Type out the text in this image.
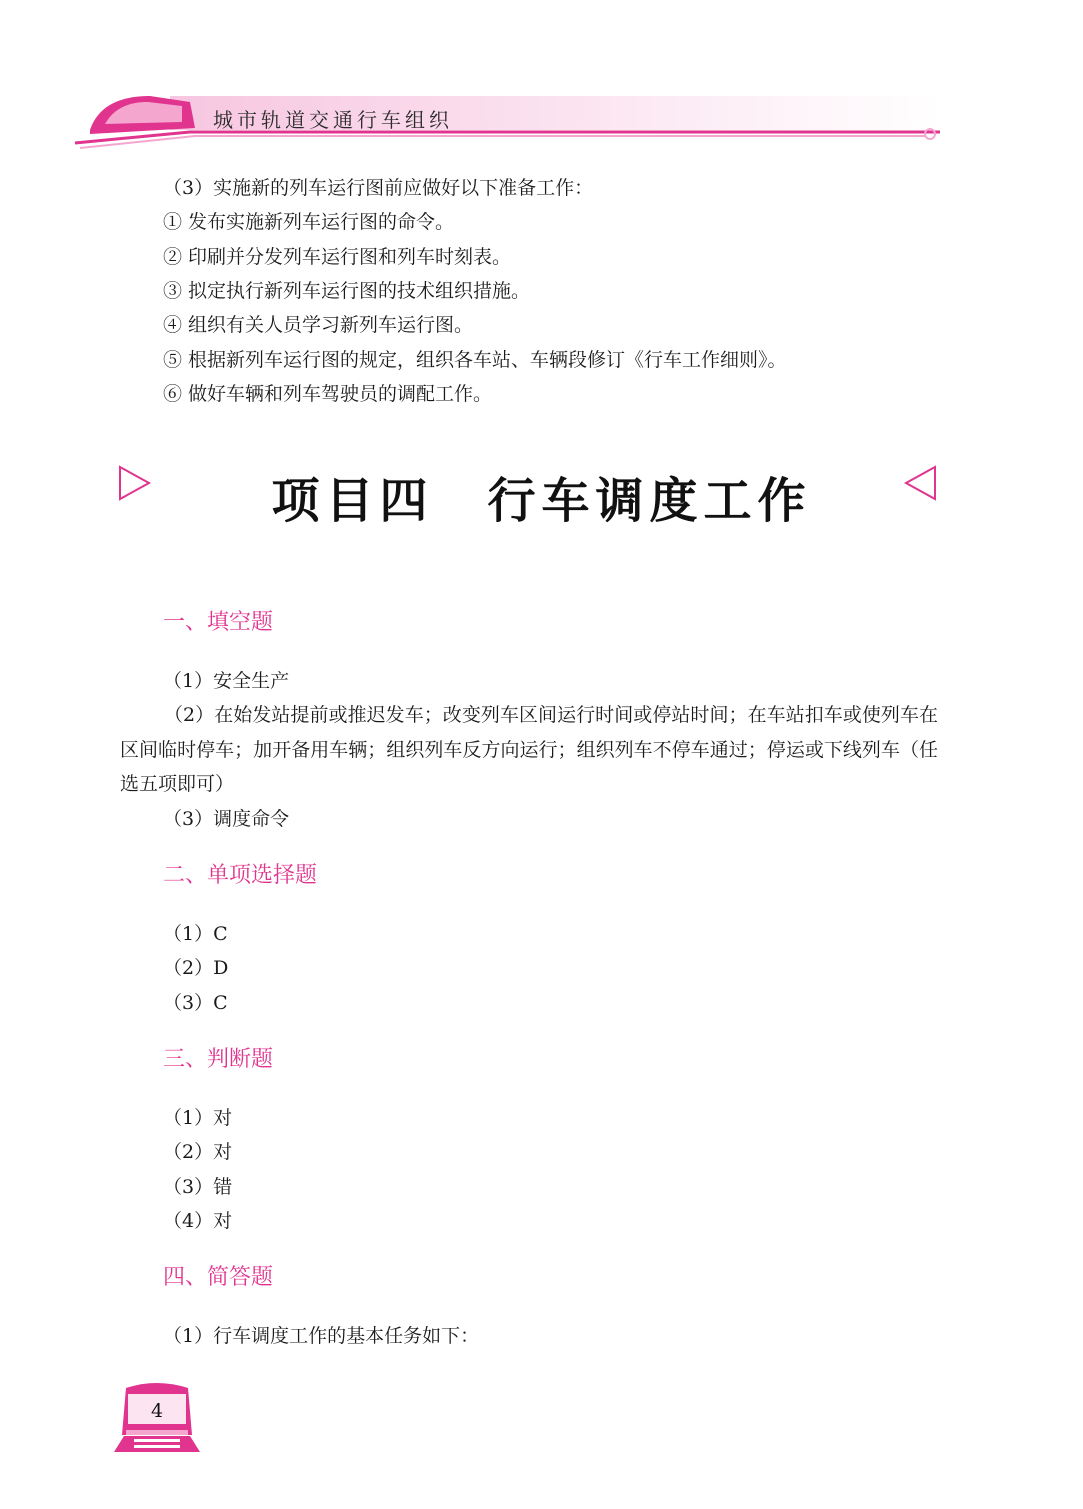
城市轨道交通行车组织
（3）实施新的列车运行图前应做好以下准备工作：
① 发布实施新列车运行图的命令。
② 印刷并分发列车运行图和列车时刻表。
③ 拟定执行新列车运行图的技术组织措施。
④ 组织有关人员学习新列车运行图。
⑤ 根据新列车运行图的规定，组织各车站、车辆段修订《行车工作细则》。
⑥ 做好车辆和列车驾驶员的调配工作。
项目四　行车调度工作
一、填空题
（1）安全生产
（2）在始发站提前或推迟发车；改变列车区间运行时间或停站时间；在车站扣车或使列车在区间临时停车；加开备用车辆；组织列车反方向运行；组织列车不停车通过；停运或下线列车（任选五项即可）
（3）调度命令
二、单项选择题
（1）C
（2）D
（3）C
三、判断题
（1）对
（2）对
（3）错
（4）对
四、简答题
（1）行车调度工作的基本任务如下：
4
